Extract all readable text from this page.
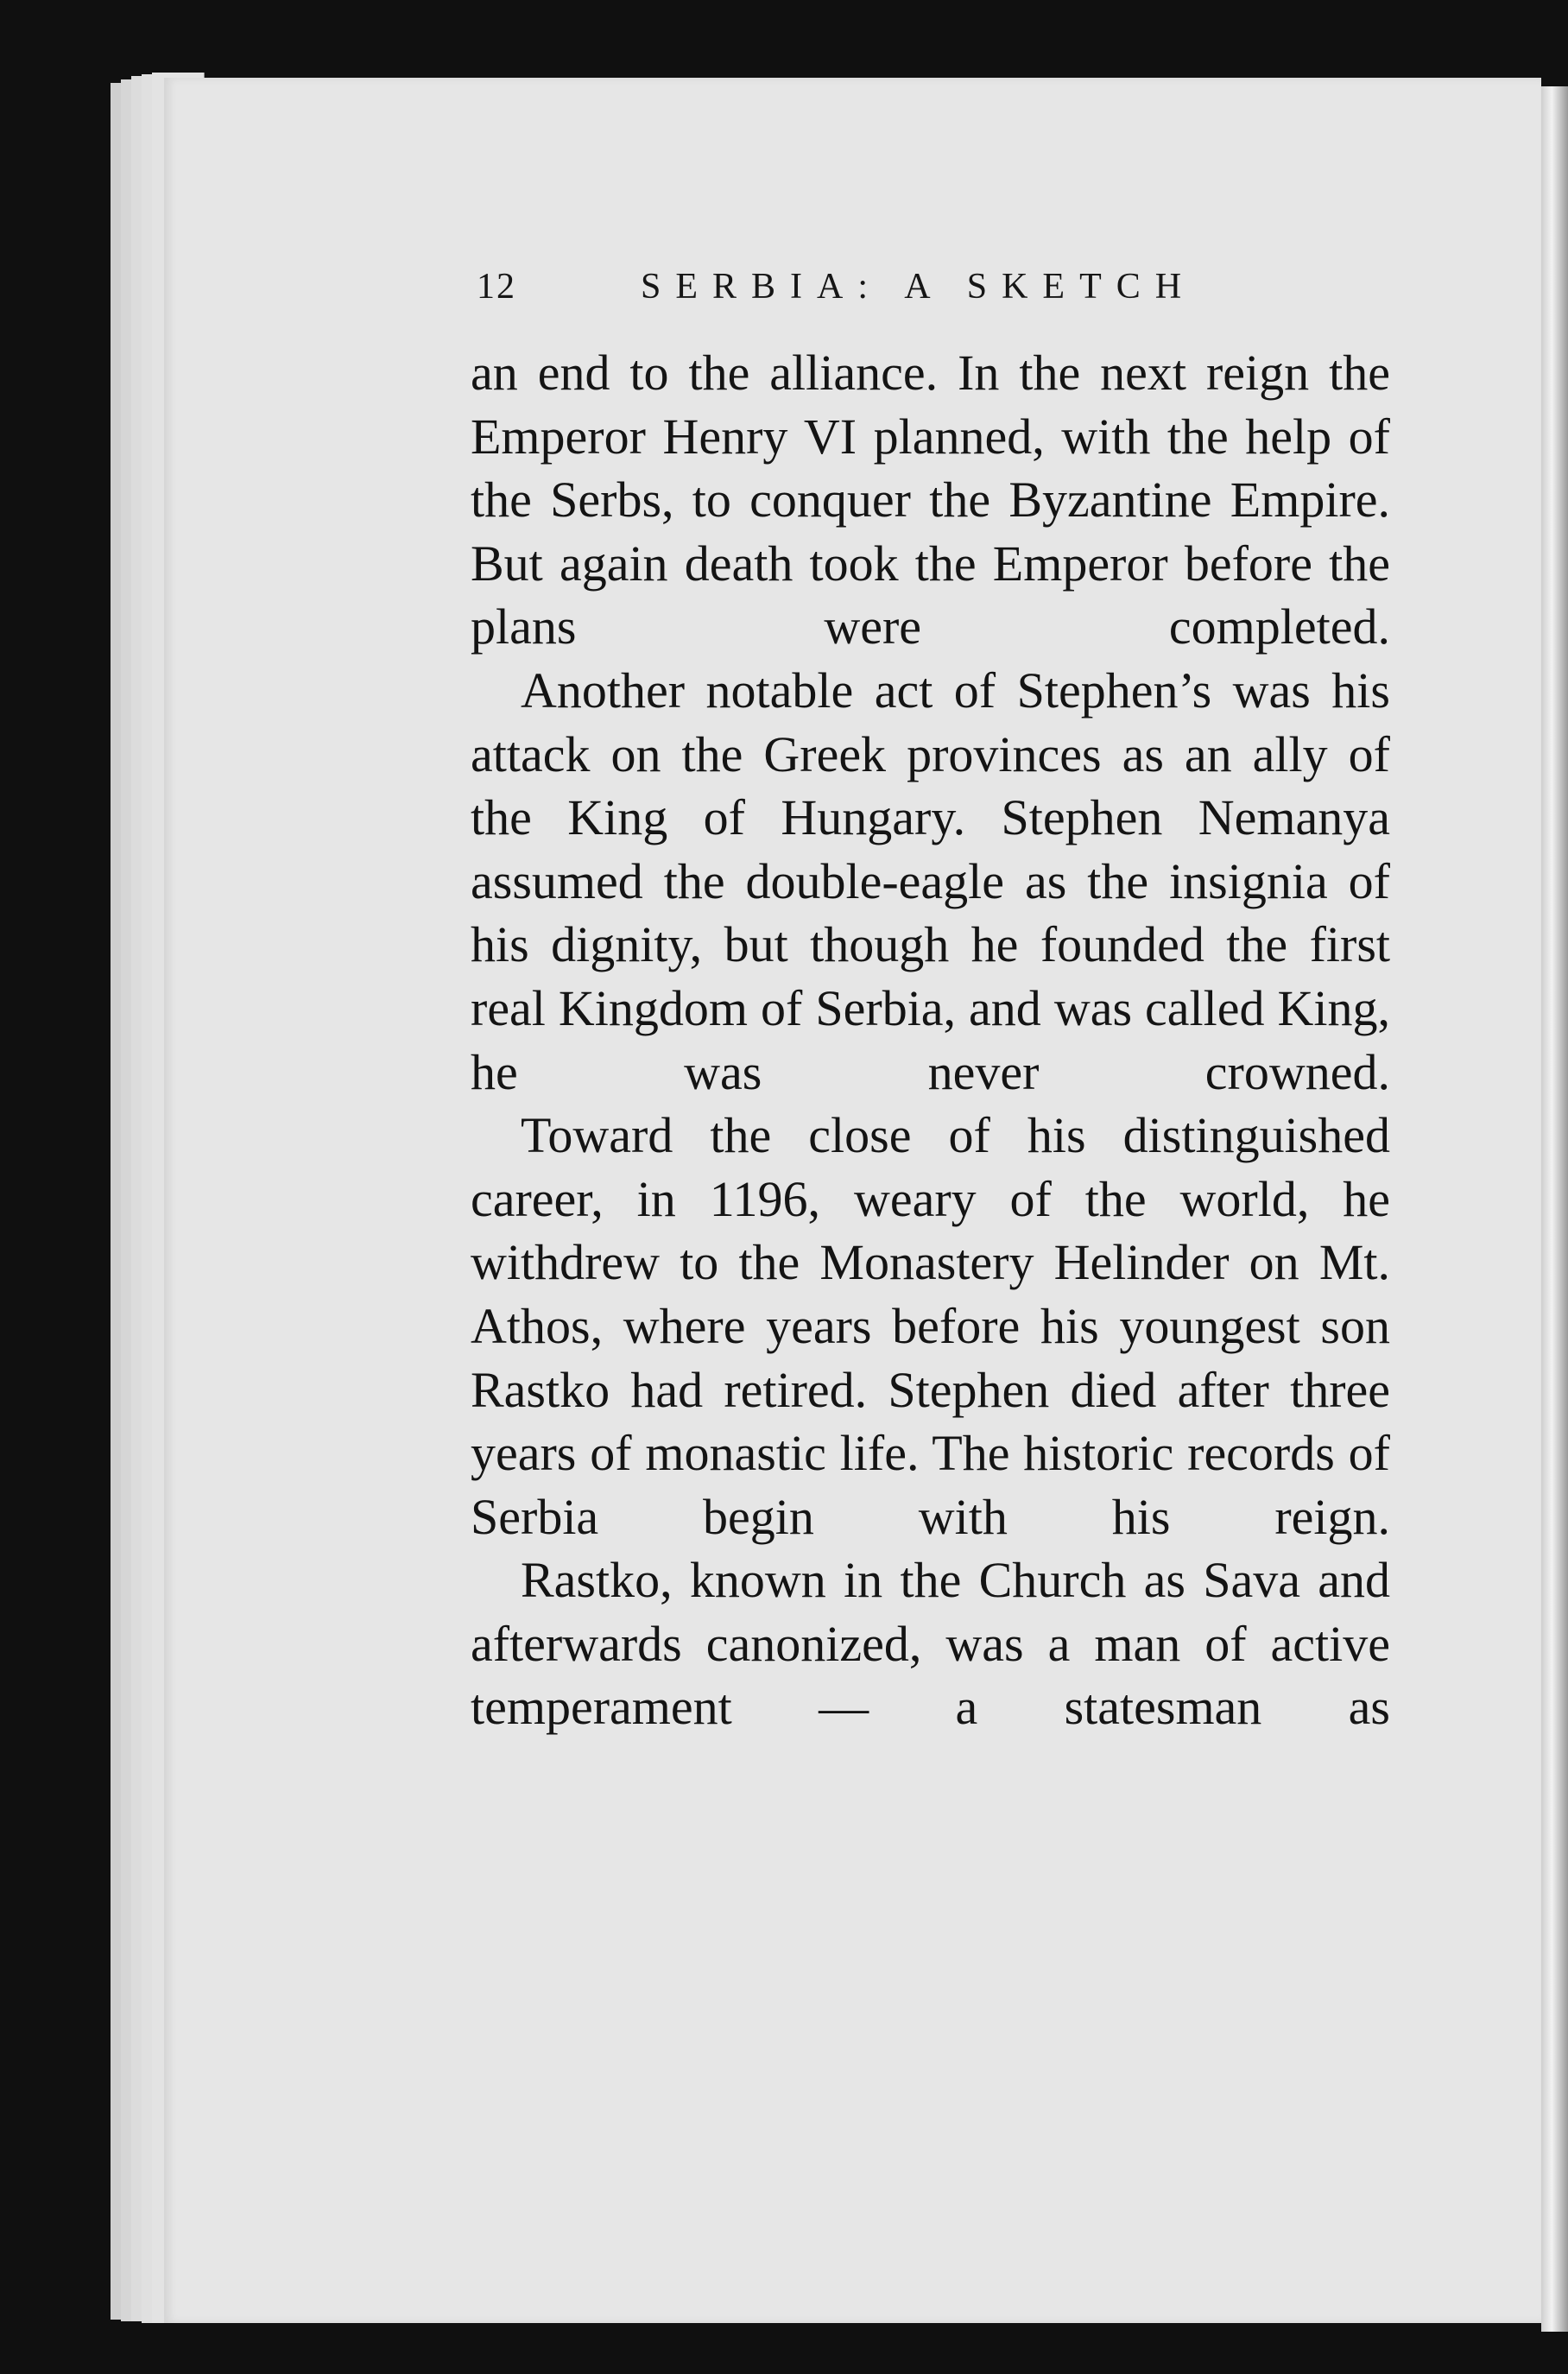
12	SERBIA: A SKETCH

an end to the alliance. In the next reign the Emperor Henry VI planned, with the help of the Serbs, to conquer the Byzantine Empire. But again death took the Emperor before the plans were completed.

Another notable act of Stephen’s was his attack on the Greek provinces as an ally of the King of Hungary. Stephen Nemanya assumed the double-eagle as the insignia of his dignity, but though he founded the first real Kingdom of Serbia, and was called King, he was never crowned.

Toward the close of his distinguished career, in 1196, weary of the world, he withdrew to the Monastery Helinder on Mt. Athos, where years before his youngest son Rastko had retired. Stephen died after three years of monastic life. The historic records of Serbia begin with his reign.

Rastko, known in the Church as Sava and afterwards canonized, was a man of active temperament — a statesman as
